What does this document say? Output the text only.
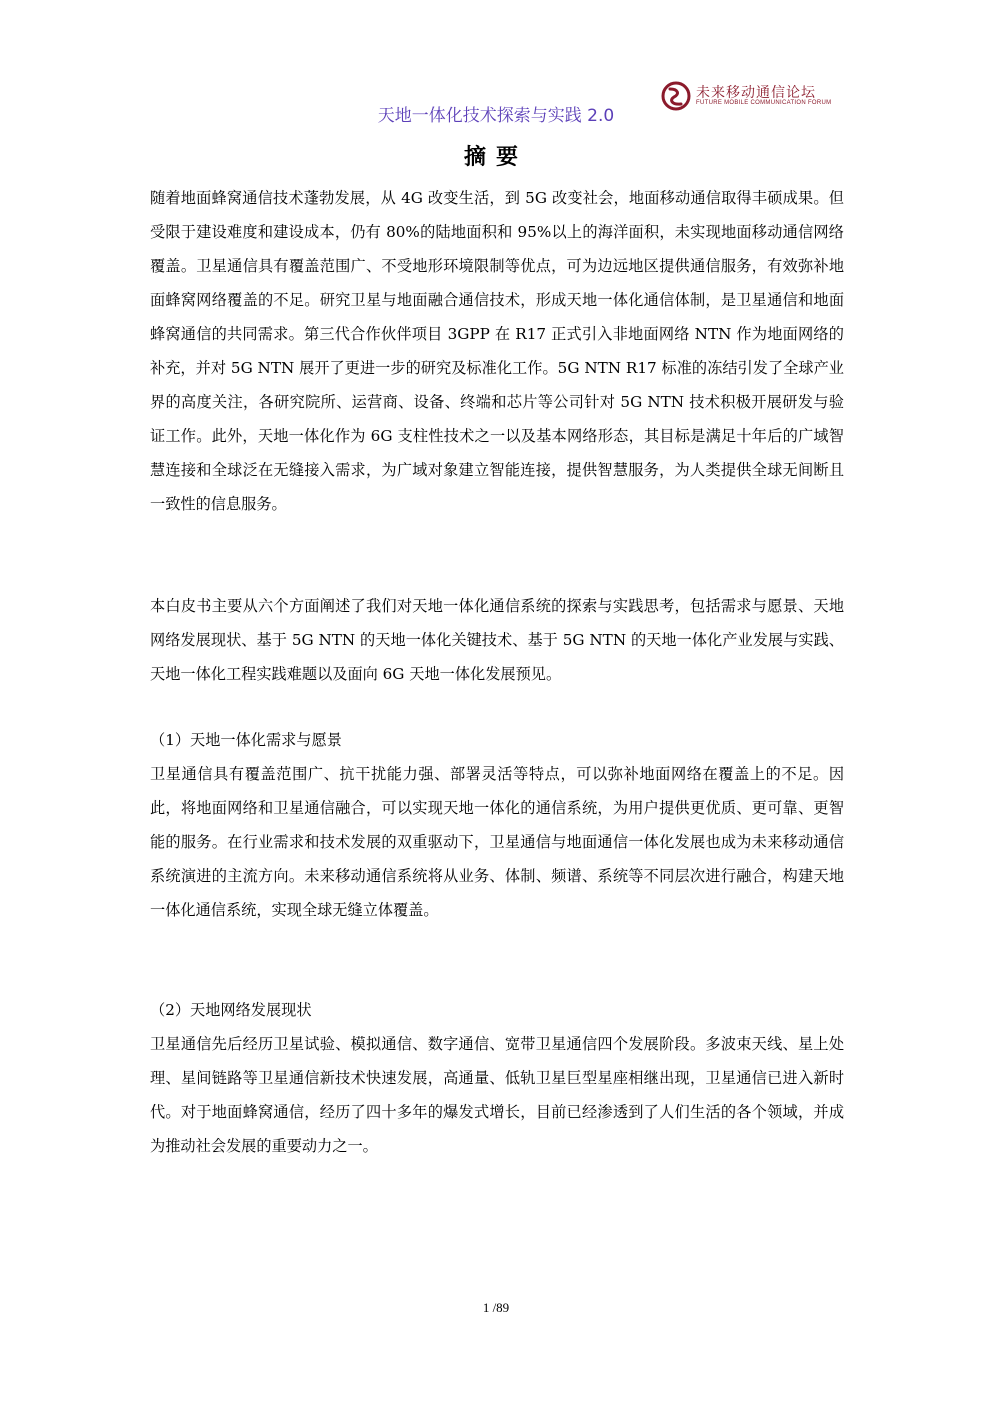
未来移动通信论坛
FUTURE MOBILE COMMUNICATION FORUM
天地一体化技术探索与实践 2.0
摘要

随着地面蜂窝通信技术蓬勃发展，从 4G 改变生活，到 5G 改变社会，地面移动通信取得丰硕成果。但受限于建设难度和建设成本，仍有 80%的陆地面积和 95%以上的海洋面积，未实现地面移动通信网络覆盖。卫星通信具有覆盖范围广、不受地形环境限制等优点，可为边远地区提供通信服务，有效弥补地面蜂窝网络覆盖的不足。研究卫星与地面融合通信技术，形成天地一体化通信体制，是卫星通信和地面蜂窝通信的共同需求。第三代合作伙伴项目 3GPP 在 R17 正式引入非地面网络 NTN 作为地面网络的补充，并对 5G NTN 展开了更进一步的研究及标准化工作。5G NTN R17 标准的冻结引发了全球产业界的高度关注，各研究院所、运营商、设备、终端和芯片等公司针对 5G NTN 技术积极开展研发与验证工作。此外，天地一体化作为 6G 支柱性技术之一以及基本网络形态，其目标是满足十年后的广域智慧连接和全球泛在无缝接入需求，为广域对象建立智能连接，提供智慧服务，为人类提供全球无间断且一致性的信息服务。

本白皮书主要从六个方面阐述了我们对天地一体化通信系统的探索与实践思考，包括需求与愿景、天地网络发展现状、基于 5G NTN 的天地一体化关键技术、基于 5G NTN 的天地一体化产业发展与实践、天地一体化工程实践难题以及面向 6G 天地一体化发展预见。

（1）天地一体化需求与愿景

卫星通信具有覆盖范围广、抗干扰能力强、部署灵活等特点，可以弥补地面网络在覆盖上的不足。因此，将地面网络和卫星通信融合，可以实现天地一体化的通信系统，为用户提供更优质、更可靠、更智能的服务。在行业需求和技术发展的双重驱动下，卫星通信与地面通信一体化发展也成为未来移动通信系统演进的主流方向。未来移动通信系统将从业务、体制、频谱、系统等不同层次进行融合，构建天地一体化通信系统，实现全球无缝立体覆盖。

（2）天地网络发展现状

卫星通信先后经历卫星试验、模拟通信、数字通信、宽带卫星通信四个发展阶段。多波束天线、星上处理、星间链路等卫星通信新技术快速发展，高通量、低轨卫星巨型星座相继出现，卫星通信已进入新时代。对于地面蜂窝通信，经历了四十多年的爆发式增长，目前已经渗透到了人们生活的各个领域，并成为推动社会发展的重要动力之一。

1 /89
